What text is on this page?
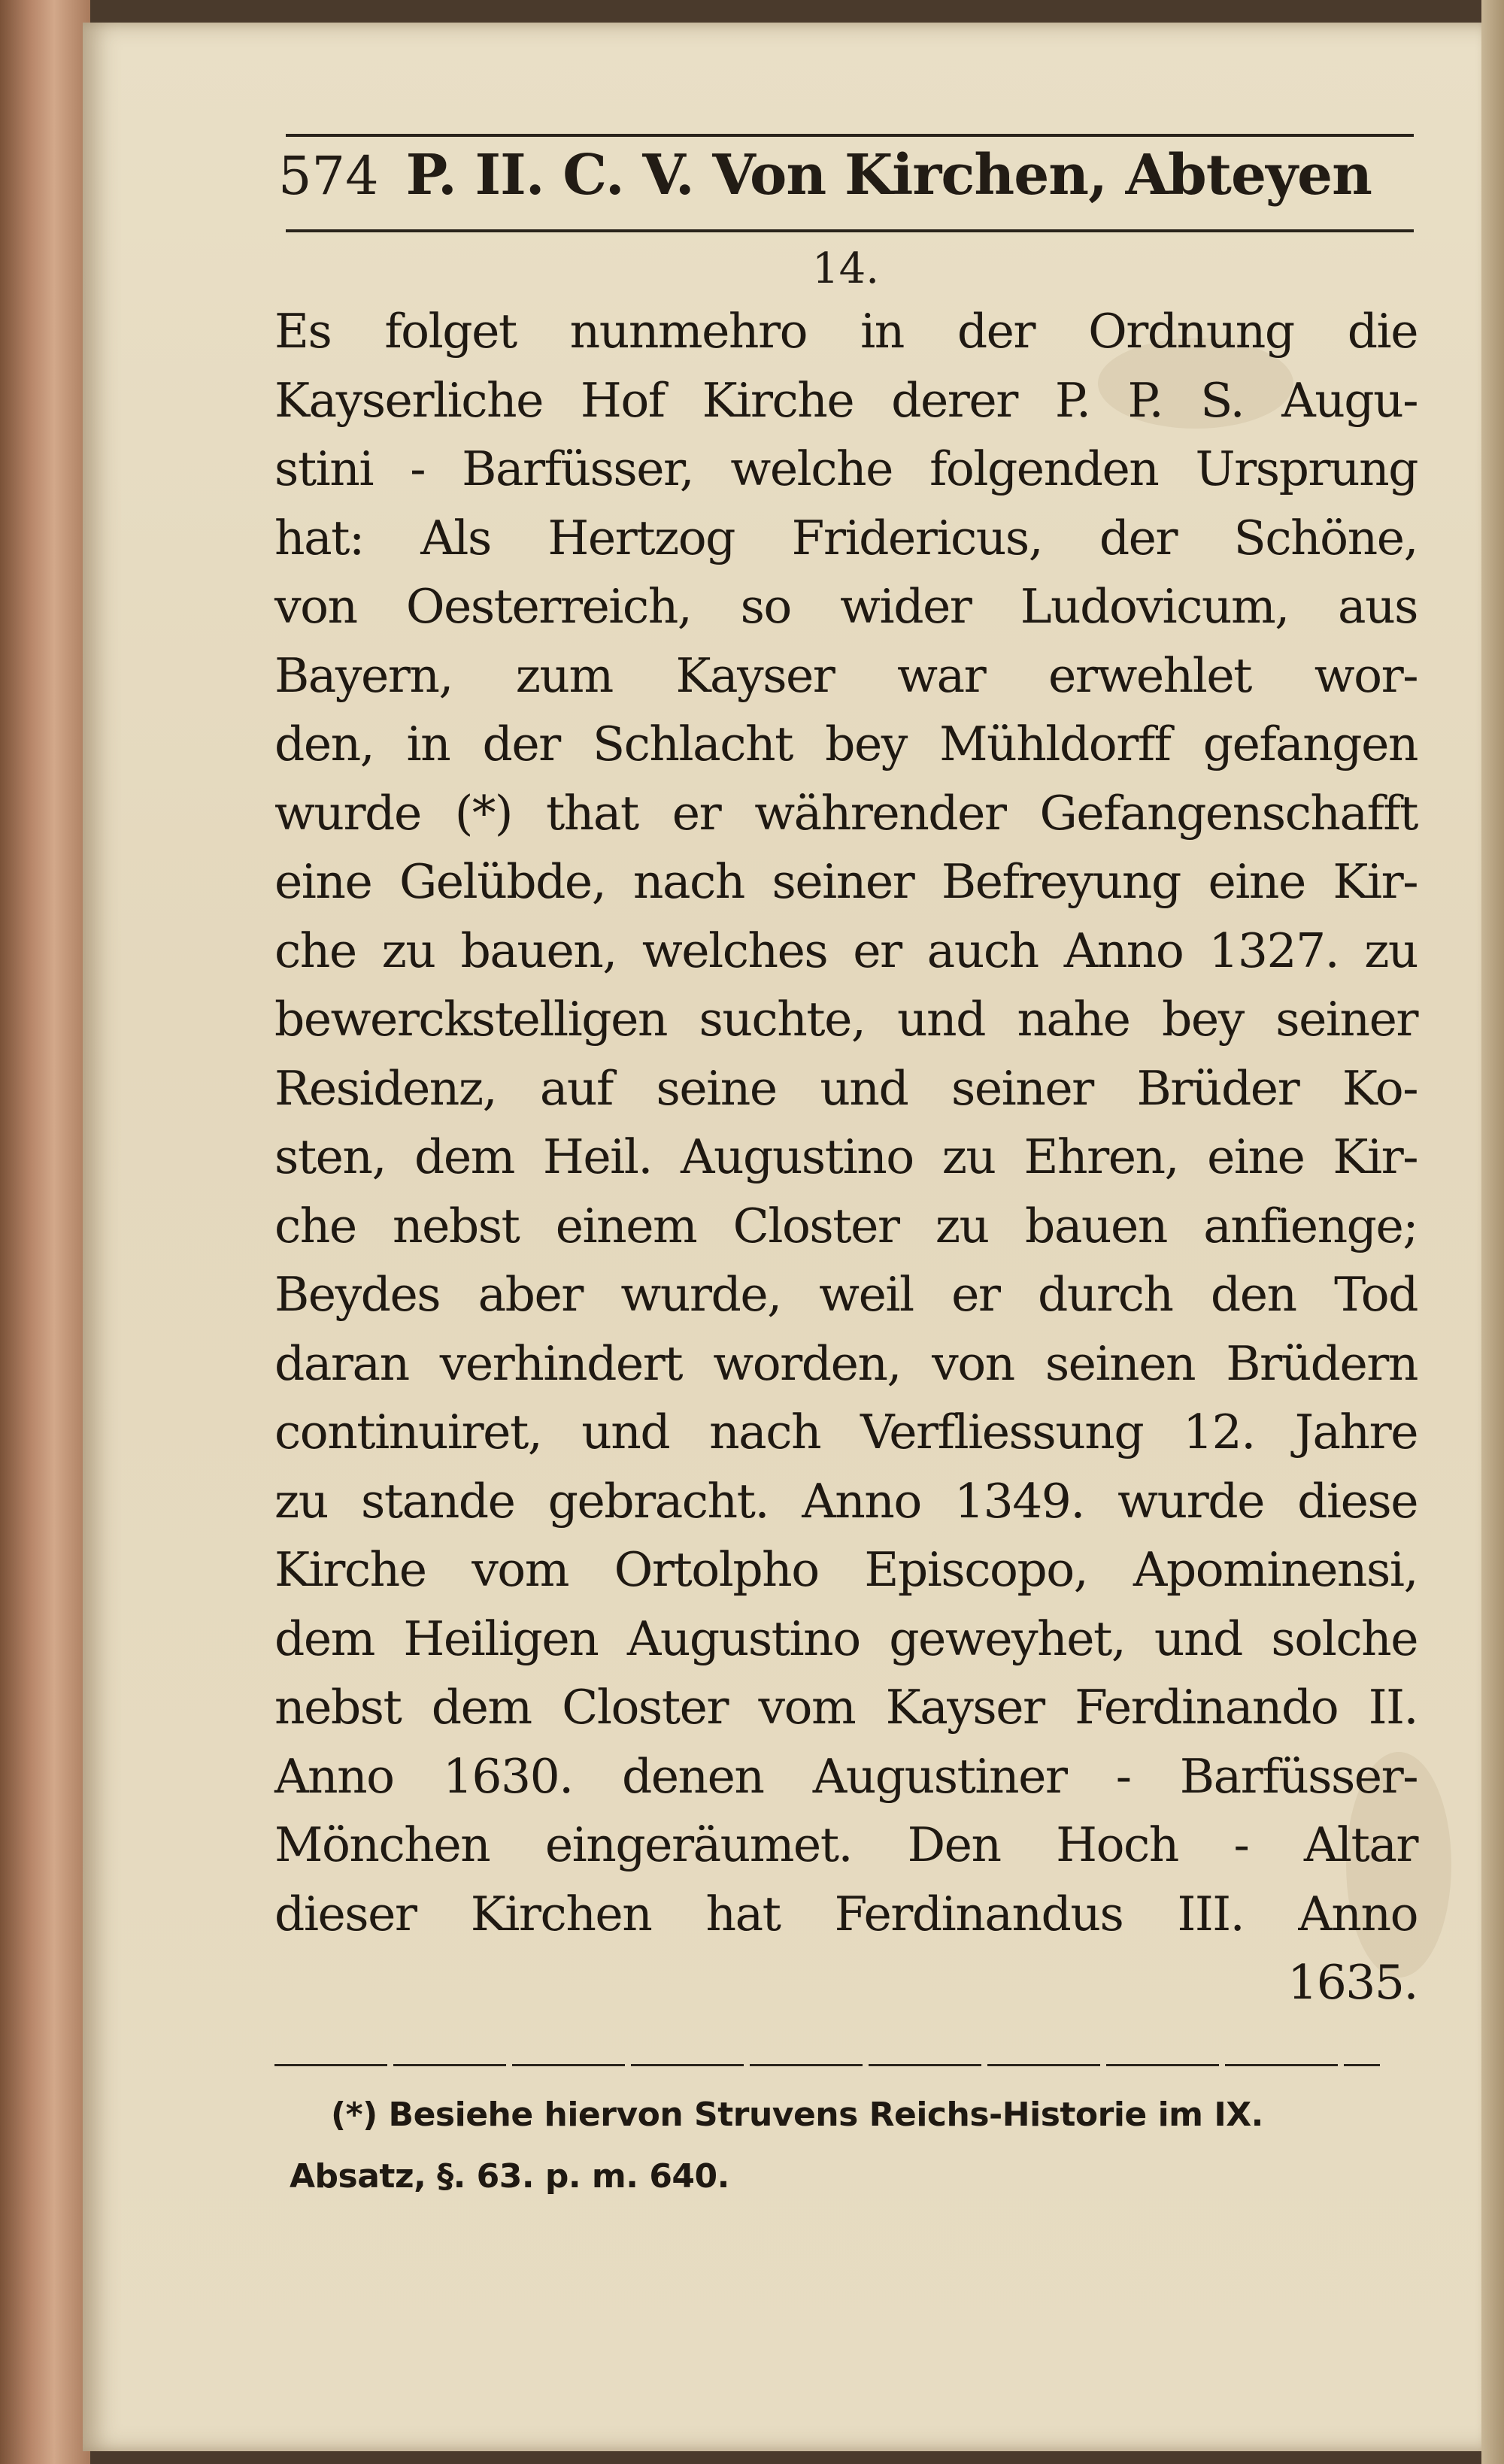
574 P. II. C. V. Von Kirchen, Abteyen
14.
Es folget nunmehro in der Ordnung die
Kayserliche Hof Kirche derer P. P. S. Augu-
stini - Barfüsser, welche folgenden Ursprung
hat: Als Hertzog Fridericus, der Schöne,
von Oesterreich, so wider Ludovicum, aus
Bayern, zum Kayser war erwehlet wor-
den, in der Schlacht bey Mühldorff gefangen
wurde (*) that er währender Gefangenschafft
eine Gelübde, nach seiner Befreyung eine Kir-
che zu bauen, welches er auch Anno 1327. zu
bewerckstelligen suchte, und nahe bey seiner
Residenz, auf seine und seiner Brüder Ko-
sten, dem Heil. Augustino zu Ehren, eine Kir-
che nebst einem Closter zu bauen anfienge;
Beydes aber wurde, weil er durch den Tod
daran verhindert worden, von seinen Brüdern
continuiret, und nach Verfliessung 12. Jahre
zu stande gebracht. Anno 1349. wurde diese
Kirche vom Ortolpho Episcopo, Apominensi,
dem Heiligen Augustino geweyhet, und solche
nebst dem Closter vom Kayser Ferdinando II.
Anno 1630. denen Augustiner - Barfüsser-
Mönchen eingeräumet. Den Hoch - Altar
dieser Kirchen hat Ferdinandus III. Anno
1635.
(*) Besiehe hiervon Struvens Reichs-Historie im IX.
Absatz, §. 63. p. m. 640.
